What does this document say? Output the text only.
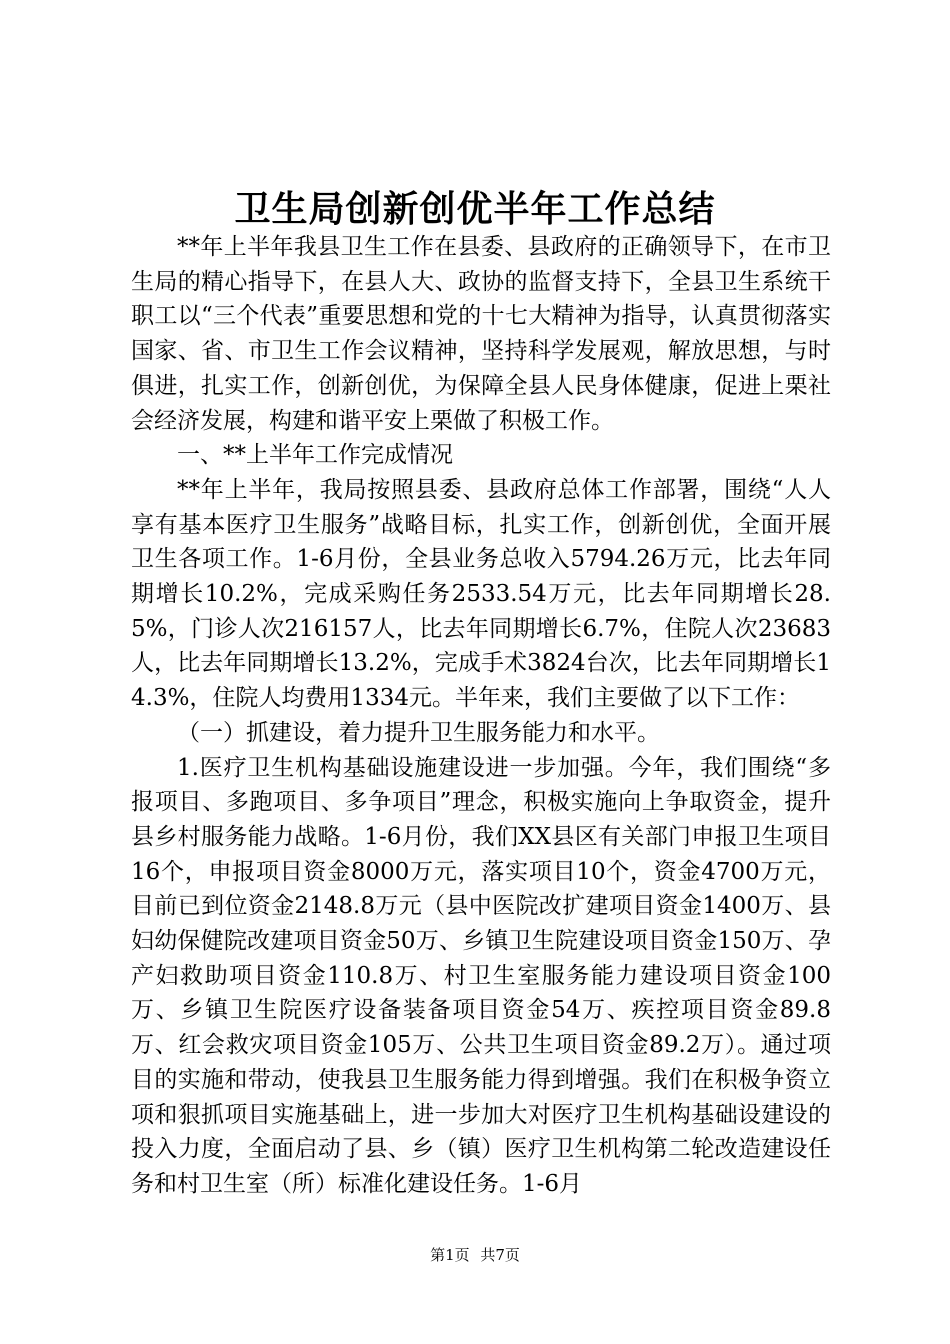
卫生局创新创优半年工作总结

**年上半年我县卫生工作在县委、县政府的正确领导下，在市卫生局的精心指导下，在县人大、政协的监督支持下，全县卫生系统干职工以“三个代表”重要思想和党的十七大精神为指导，认真贯彻落实国家、省、市卫生工作会议精神，坚持科学发展观，解放思想，与时俱进，扎实工作，创新创优，为保障全县人民身体健康，促进上栗社会经济发展，构建和谐平安上栗做了积极工作。

一、**上半年工作完成情况

**年上半年，我局按照县委、县政府总体工作部署，围绕“人人享有基本医疗卫生服务”战略目标，扎实工作，创新创优，全面开展卫生各项工作。1-6月份，全县业务总收入5794.26万元，比去年同期增长10.2%，完成采购任务2533.54万元，比去年同期增长28.5%，门诊人次216157人，比去年同期增长6.7%，住院人次23683人，比去年同期增长13.2%，完成手术3824台次，比去年同期增长14.3%，住院人均费用1334元。半年来，我们主要做了以下工作：

（一）抓建设，着力提升卫生服务能力和水平。

1.医疗卫生机构基础设施建设进一步加强。今年，我们围绕“多报项目、多跑项目、多争项目”理念，积极实施向上争取资金，提升县乡村服务能力战略。1-6月份，我们XX县区有关部门申报卫生项目16个，申报项目资金8000万元，落实项目10个，资金4700万元，目前已到位资金2148.8万元（县中医院改扩建项目资金1400万、县妇幼保健院改建项目资金50万、乡镇卫生院建设项目资金150万、孕产妇救助项目资金110.8万、村卫生室服务能力建设项目资金100万、乡镇卫生院医疗设备装备项目资金54万、疾控项目资金89.8万、红会救灾项目资金105万、公共卫生项目资金89.2万）。通过项目的实施和带动，使我县卫生服务能力得到增强。我们在积极争资立项和狠抓项目实施基础上，进一步加大对医疗卫生机构基础设建设的投入力度，全面启动了县、乡（镇）医疗卫生机构第二轮改造建设任务和村卫生室（所）标准化建设任务。1-6月

第1页 共7页
